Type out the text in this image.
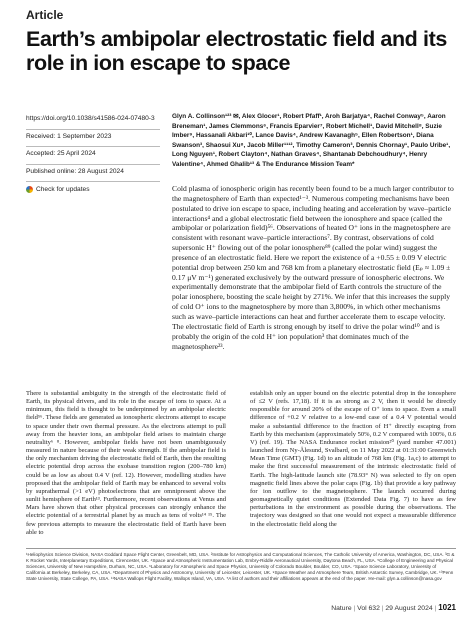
Article
Earth’s ambipolar electrostatic field and its role in ion escape to space
https://doi.org/10.1038/s41586-024-07480-3
Received: 1 September 2023
Accepted: 25 April 2024
Published online: 28 August 2024
Check for updates
Glyn A. Collinson¹²³ ✉, Alex Glocer¹, Robert Pfaff¹, Aroh Barjatya⁴, Rachel Conway⁵, Aaron Breneman¹, James Clemmons⁶, Francis Eparvier⁷, Robert Michell¹, David Mitchell⁸, Suzie Imber⁹, Hassanali Akbari¹⁰, Lance Davis⁴, Andrew Kavanagh⁵, Ellen Robertson¹, Diana Swanson³, Shaosui Xu⁸, Jacob Miller¹¹¹², Timothy Cameron³, Dennis Chornay¹, Paulo Uribe¹, Long Nguyen¹, Robert Clayton⁴, Nathan Graves⁴, Shantanab Debchoudhury⁴, Henry Valentine⁴, Ahmed Ghalib¹³ & The Endurance Mission Team*
Cold plasma of ionospheric origin has recently been found to be a much larger contributor to the magnetosphere of Earth than expected¹⁻³. Numerous competing mechanisms have been postulated to drive ion escape to space, including heating and acceleration by wave–particle interactions⁴ and a global electrostatic field between the ionosphere and space (called the ambipolar or polarization field)⁵⁶. Observations of heated O⁺ ions in the magnetosphere are consistent with resonant wave–particle interactions⁷. By contrast, observations of cold supersonic H⁺ flowing out of the polar ionosphere⁸⁹ (called the polar wind) suggest the presence of an electrostatic field. Here we report the existence of a +0.55 ± 0.09 V electric potential drop between 250 km and 768 km from a planetary electrostatic field (Eₚ ≈ 1.09 ± 0.17 μV m⁻¹) generated exclusively by the outward pressure of ionospheric electrons. We experimentally demonstrate that the ambipolar field of Earth controls the structure of the polar ionosphere, boosting the scale height by 271%. We infer that this increases the supply of cold O⁺ ions to the magnetosphere by more than 3,800%, in which other mechanisms such as wave–particle interactions can heat and further accelerate them to escape velocity. The electrostatic field of Earth is strong enough by itself to drive the polar wind¹⁰ and is probably the origin of the cold H⁺ ion population³ that dominates much of the magnetosphere²³.
There is substantial ambiguity in the strength of the electrostatic field of Earth, its physical drivers, and its role in the escape of ions to space. At a minimum, this field is thought to be underpinned by an ambipolar electric field⁵⁶. These fields are generated as ionospheric electrons attempt to escape to space under their own thermal pressure. As the electrons attempt to pull away from the heavier ions, an ambipolar field arises to maintain charge neutrality⁶ ⁸. However, ambipolar fields have not been unambiguously measured in nature because of their weak strength. If the ambipolar field is the only mechanism driving the electrostatic field of Earth, then the resulting electric potential drop across the exobase transition region (200–780 km) could be as low as about 0.4 V (ref. 12). However, modelling studies have proposed that the ambipolar field of Earth may be enhanced to several volts by suprathermal (>1 eV) photoelectrons that are omnipresent above the sunlit hemisphere of Earth¹³. Furthermore, recent observations at Venus and Mars have shown that other physical processes can strongly enhance the electric potential of a terrestrial planet by as much as tens of volts¹⁴ ¹⁵. The few previous attempts to measure the electrostatic field of Earth have been able to
establish only an upper bound on the electric potential drop in the ionosphere of ≤2 V (refs. 17,18). If it is as strong as 2 V, then it would be directly responsible for around 20% of the escape of O⁺ ions to space. Even a small difference of +0.2 V relative to a low-end case of a 0.4 V potential would make a substantial difference to the fraction of H⁺ directly escaping from Earth by this mechanism (approximately 50%, 0.2 V compared with 100%, 0.6 V) (ref. 19). The NASA Endurance rocket mission²⁰ (yard number 47.001) launched from Ny-Ålesund, Svalbard, on 11 May 2022 at 01:31:00 Greenwich Mean Time (GMT) (Fig. 1d) to an altitude of 768 km (Fig. 1a,c) to attempt to make the first successful measurement of the intrinsic electrostatic field of Earth. The high-latitude launch site (78.93° N) was selected to fly on open magnetic field lines above the polar caps (Fig. 1b) that provide a key pathway for ion outflow to the magnetosphere. The launch occurred during geomagnetically quiet conditions (Extended Data Fig. 7) to have as few perturbations in the environment as possible during the observations. The trajectory was designed so that one would not expect a measurable difference in the electrostatic field along the
¹Heliophysics Science Division, NASA Goddard Space Flight Center, Greenbelt, MD, USA. ²Institute for Astrophysics and Computational Sciences, The Catholic University of America, Washington, DC, USA. ³G & K Rocket Yards, Interplanetary Expeditions, Cirencester, UK. ⁴Space and Atmospheric Instrumentation Lab, Embry-Riddle Aeronautical University, Daytona Beach, FL, USA. ⁵College of Engineering and Physical Sciences, University of New Hampshire, Durham, NC, USA. ⁶Laboratory for Atmospheric and Space Physics, University of Colorado Boulder, Boulder, CO, USA. ⁷Space Science Laboratory, University of California at Berkeley, Berkeley, CA, USA. ⁸Department of Physics and Astronomy, University of Leicester, Leicester, UK. ⁹Space Weather and Atmosphere Team, British Antarctic Survey, Cambridge, UK. ¹⁰Penn State University, State College, PA, USA. ¹¹NASA Wallops Flight Facility, Wallops Island, VA, USA. *A list of authors and their affiliations appears at the end of the paper. ✉e-mail: glyn.a.collinson@nasa.gov
Nature | Vol 632 | 29 August 2024 | 1021
